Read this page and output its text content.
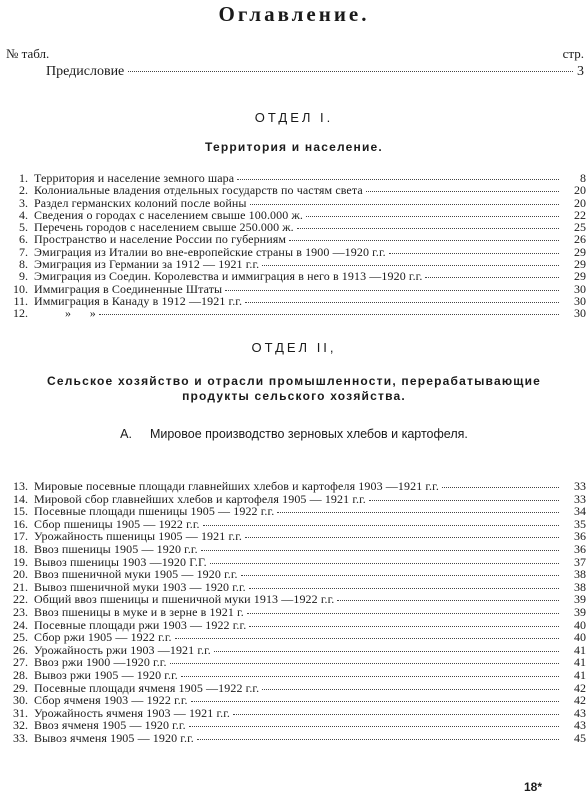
Оглавление.
№ табл.	стр.
Предисловие	3
ОТДЕЛ I.
Территория и население.
1. Территория и население земного шара	8
2. Колониальные владения отдельных государств по частям света	20
3. Раздел германских колоний после войны	20
4. Сведения о городах с населением свыше 100.000 ж.	22
5. Перечень городов с населением свыше 250.000 ж.	25
6. Пространство и население России по губерниям	26
7. Эмиграция из Италии во вне-европейские страны в 1900 —1920 г.г.	29
8. Эмиграция из Германии за 1912 — 1921 г.г.	29
9. Эмиграция из Соедин. Королевства и иммиграция в него в 1913 —1920 г.г.	29
10. Иммиграция в Соединенные Штаты	30
11. Иммиграция в Канаду в 1912 —1921 г.г.	30
12. »      »	30
ОТДЕЛ II,
Сельское хозяйство и отрасли промышленности, перерабатывающие
продукты сельского хозяйства.
А. Мировое производство зерновых хлебов и картофеля.
13. Мировые посевные площади главнейших хлебов и картофеля 1903 —1921 г.г.	33
14. Мировой сбор главнейших хлебов и картофеля 1905 — 1921 г.г.	33
15. Посевные площади пшеницы 1905 — 1922 г.г.	34
16. Сбор пшеницы 1905 — 1922 г.г.	35
17. Урожайность пшеницы 1905 — 1921 г.г.	36
18. Ввоз пшеницы 1905 — 1920 г.г.	36
19. Вывоз пшеницы 1903 —1920 Г.Г.	37
20. Ввоз пшеничной муки 1905 — 1920 г.г.	38
21. Вывоз пшеничной муки 1903 — 1920 г.г.	38
22. Общий ввоз пшеницы и пшеничной муки 1913 —1922 г.г.	39
23. Ввоз пшеницы в муке и в зерне в 1921 г.	39
24. Посевные площади ржи 1903 — 1922 г.г.	40
25. Сбор ржи 1905 — 1922 г.г.	40
26. Урожайность ржи 1903 —1921 г.г.	41
27. Ввоз ржи 1900 —1920 г.г.	41
28. Вывоз ржи 1905 — 1920 г.г.	41
29. Посевные площади ячменя 1905 —1922 г.г.	42
30. Сбор ячменя 1903 — 1922 г.г.	42
31. Урожайность ячменя 1903 — 1921 г.г.	43
32. Ввоз ячменя 1905 — 1920 г.г.	43
33. Вывоз ячменя 1905 — 1920 г.г.	45
18*
